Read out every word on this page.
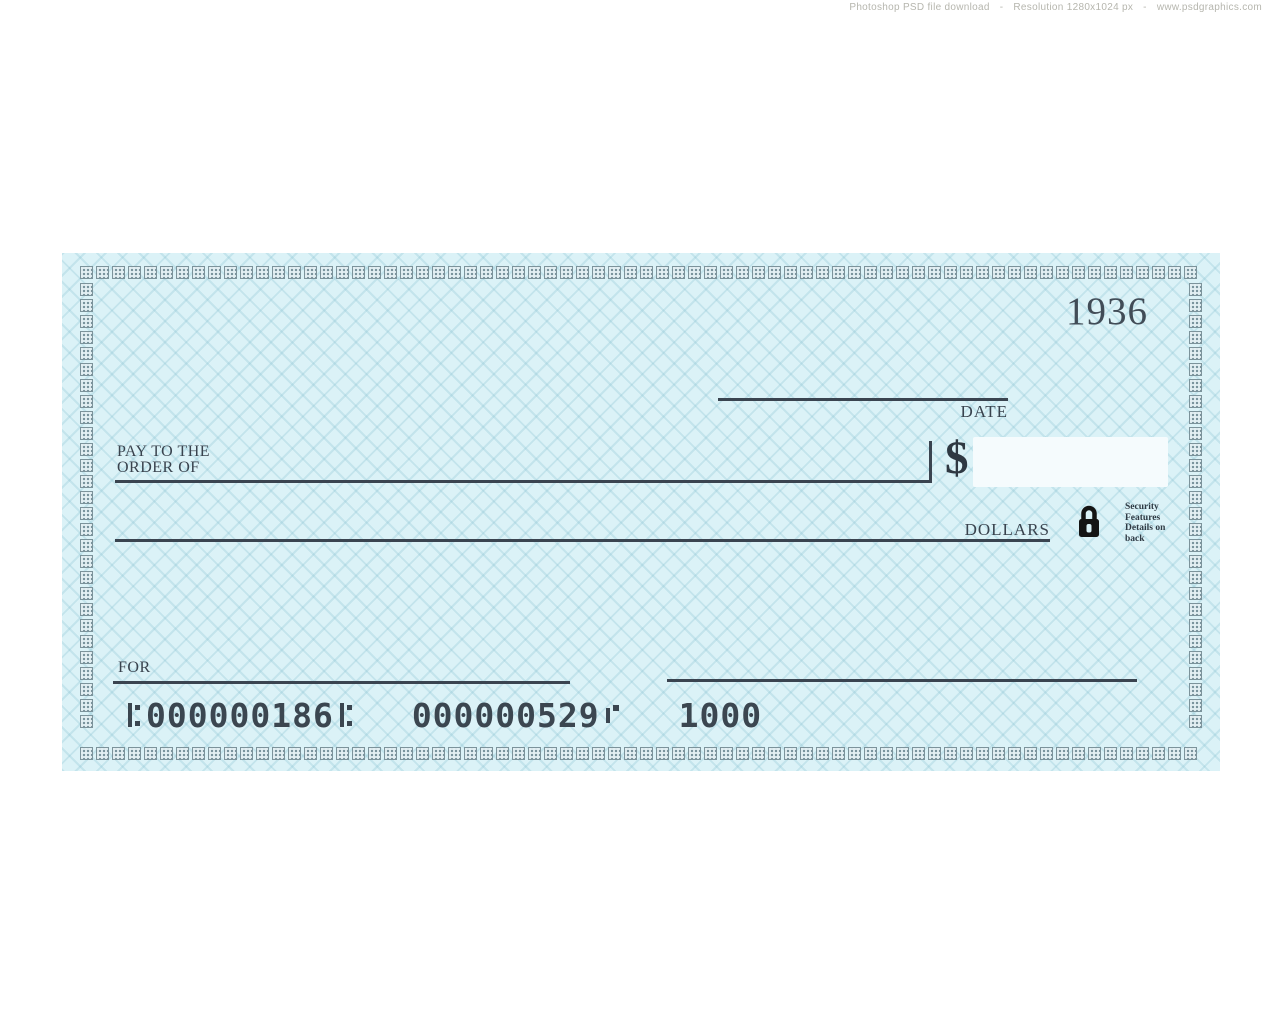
Photoshop PSD file download - Resolution 1280x1024 px - www.psdgraphics.com
1936
DATE
PAY TO THE
ORDER OF	$
DOLLARS
Security
Features
Details on
back
FOR
000000186 000000529 1000
